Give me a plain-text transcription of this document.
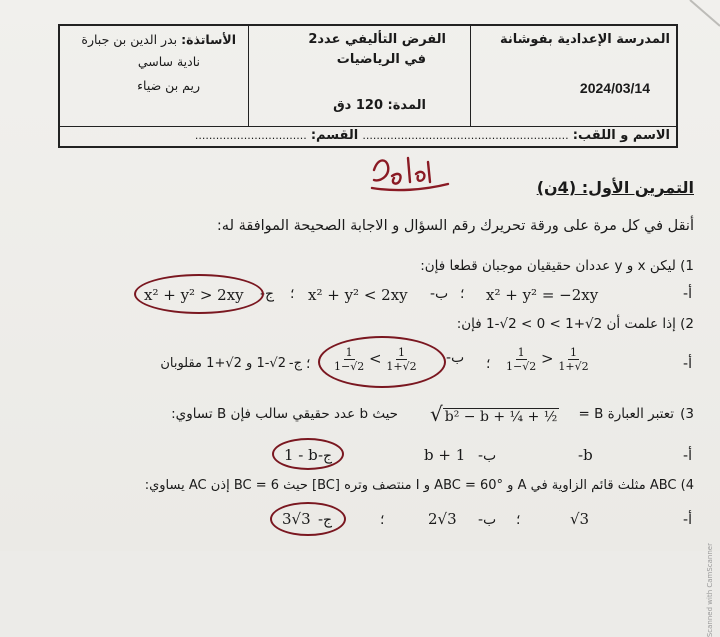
المدرسة الإعدادية بفوشانة
2024/03/14
الفرض التأليفي عدد2
في الرياضيات
المدة: 120 دق
الأساتذة: بدر الدين بن جبارة
نادية ساسي
ريم بن ضياء
الاسم و اللقب: ........................................................... القسم: ................................
التمرين الأول: (4ن)
أنقل في كل مرة على ورقة تحريرك رقم السؤال و الاجابة الصحيحة الموافقة له:
1) ليكن x و y عددان حقيقيان موجبان قطعا فإن:
أ-
x² + y² = −2xy
؛
ب-
x² + y² < 2xy
؛
ج-
x² + y² > 2xy
2) إذا علمت أن 2√+1 > 0 > 2√-1 فإن:
أ-
$\frac{1}{1-√2} > \frac{1}{1+√2}$
؛
ب-
$\frac{1}{1-√2} < \frac{1}{1+√2}$
؛
ج-
2√-1 و 2√+1 مقلوبان
3)
تعتبر العبارة B =
√ b² − b + ¼ + ½
حيث b عدد حقيقي سالب فإن B تساوي:
أ-
-b
ب-
b + 1
ج-
1 - b
4) ABC مثلث قائم الزاوية في A و ABC = 60° و I منتصف وتره [BC] حيث BC = 6 إذن AC يساوي:
أ-
√3
؛
ب-
2√3
؛
ج-
3√3
Scanned with CamScanner
